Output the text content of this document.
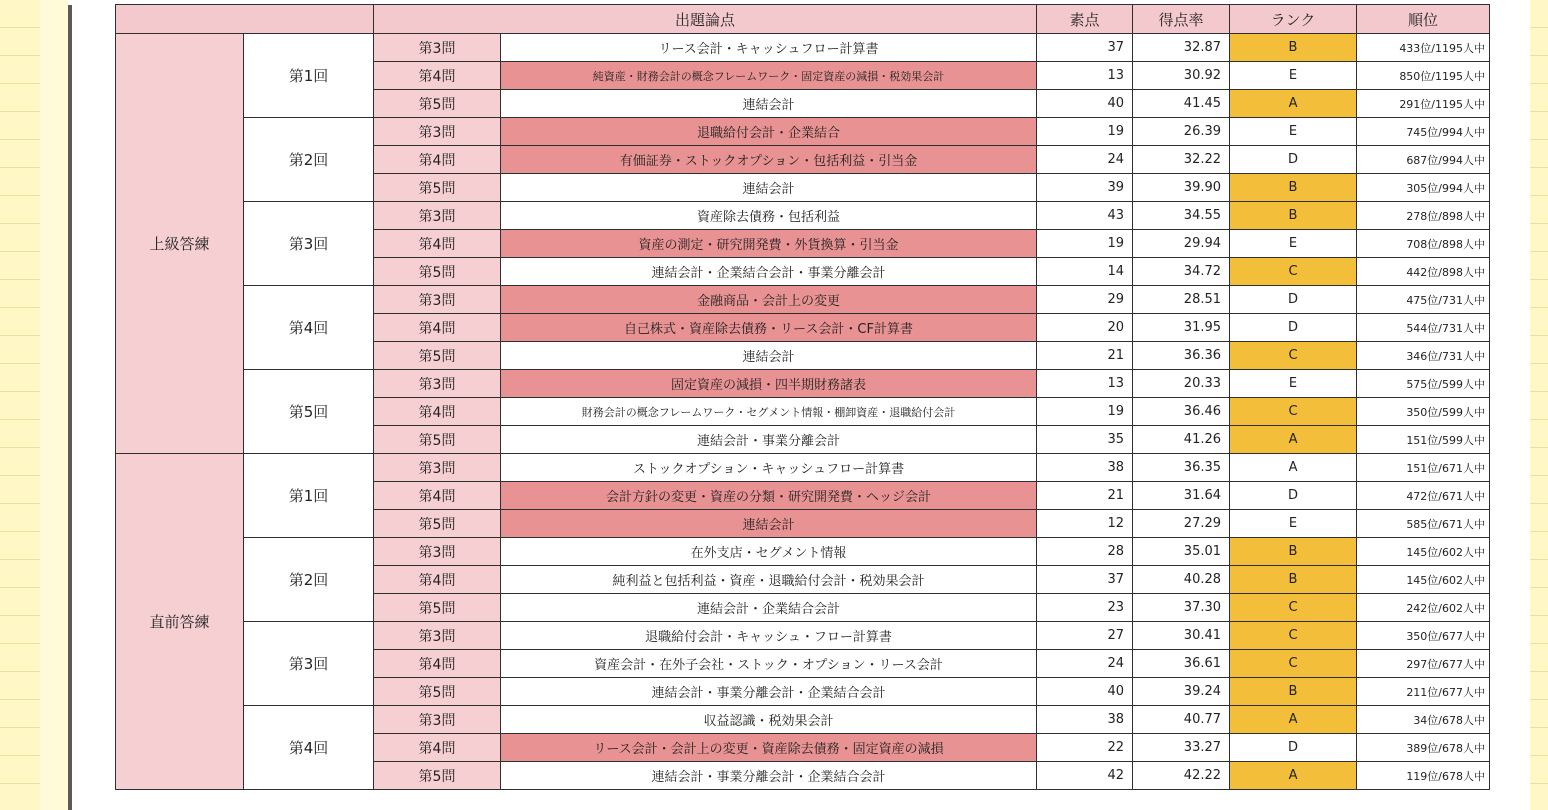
		出題論点		素点	得点率	ランク	順位
上級答練	第1回	第3問	リース会計・キャッシュフロー計算書	37	32.87	B	433位/1195人中
		第4問	純資産・財務会計の概念フレームワーク・固定資産の減損・税効果会計	13	30.92	E	850位/1195人中
		第5問	連結会計	40	41.45	A	291位/1195人中
	第2回	第3問	退職給付会計・企業結合	19	26.39	E	745位/994人中
		第4問	有価証券・ストックオプション・包括利益・引当金	24	32.22	D	687位/994人中
		第5問	連結会計	39	39.90	B	305位/994人中
	第3回	第3問	資産除去債務・包括利益	43	34.55	B	278位/898人中
		第4問	資産の測定・研究開発費・外貨換算・引当金	19	29.94	E	708位/898人中
		第5問	連結会計・企業結合会計・事業分離会計	14	34.72	C	442位/898人中
	第4回	第3問	金融商品・会計上の変更	29	28.51	D	475位/731人中
		第4問	自己株式・資産除去債務・リース会計・CF計算書	20	31.95	D	544位/731人中
		第5問	連結会計	21	36.36	C	346位/731人中
	第5回	第3問	固定資産の減損・四半期財務諸表	13	20.33	E	575位/599人中
		第4問	財務会計の概念フレームワーク・セグメント情報・棚卸資産・退職給付会計	19	36.46	C	350位/599人中
		第5問	連結会計・事業分離会計	35	41.26	A	151位/599人中
直前答練	第1回	第3問	ストックオプション・キャッシュフロー計算書	38	36.35	A	151位/671人中
		第4問	会計方針の変更・資産の分類・研究開発費・ヘッジ会計	21	31.64	D	472位/671人中
		第5問	連結会計	12	27.29	E	585位/671人中
	第2回	第3問	在外支店・セグメント情報	28	35.01	B	145位/602人中
		第4問	純利益と包括利益・資産・退職給付会計・税効果会計	37	40.28	B	145位/602人中
		第5問	連結会計・企業結合会計	23	37.30	C	242位/602人中
	第3回	第3問	退職給付会計・キャッシュ・フロー計算書	27	30.41	C	350位/677人中
		第4問	資産会計・在外子会社・ストック・オプション・リース会計	24	36.61	C	297位/677人中
		第5問	連結会計・事業分離会計・企業結合会計	40	39.24	B	211位/677人中
	第4回	第3問	収益認識・税効果会計	38	40.77	A	34位/678人中
		第4問	リース会計・会計上の変更・資産除去債務・固定資産の減損	22	33.27	D	389位/678人中
		第5問	連結会計・事業分離会計・企業結合会計	42	42.22	A	119位/678人中
